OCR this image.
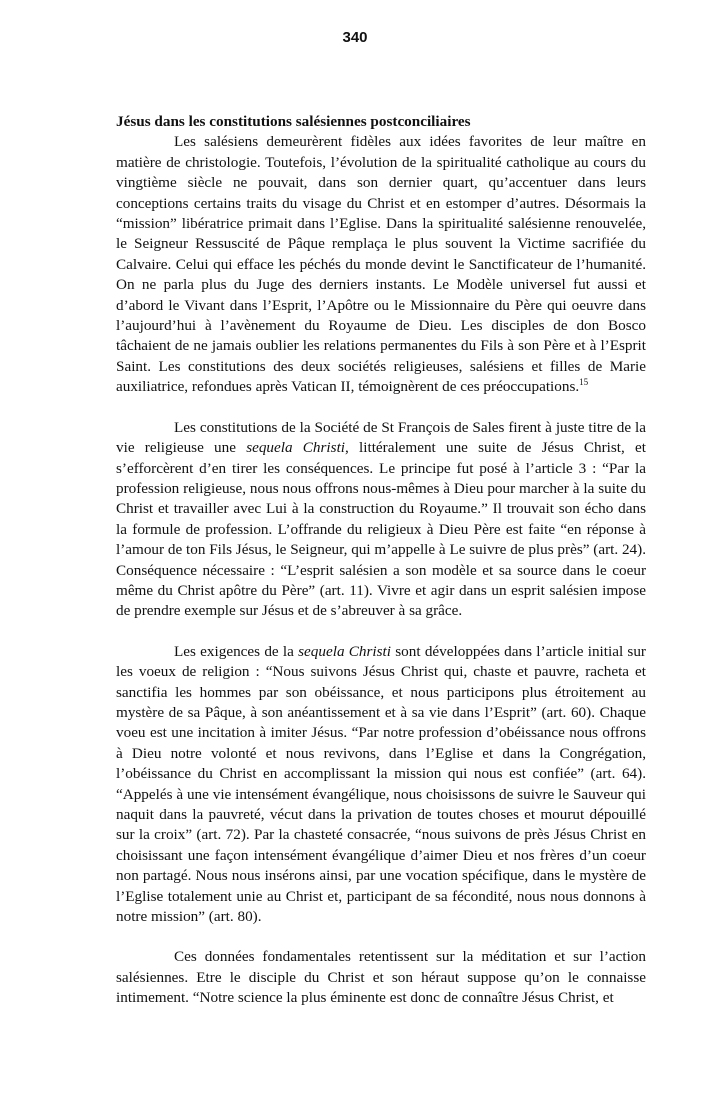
340

Jésus dans les constitutions salésiennes postconciliaires

Les salésiens demeurèrent fidèles aux idées favorites de leur maître en matière de christologie. Toutefois, l’évolution de la spiritualité catholique au cours du vingtième siècle ne pouvait, dans son dernier quart, qu’accentuer dans leurs conceptions certains traits du visage du Christ et en estomper d’autres. Désormais la “mission” libératrice primait dans l’Eglise. Dans la spiritualité salésienne renouvelée, le Seigneur Ressuscité de Pâque remplaça le plus souvent la Victime sacrifiée du Calvaire. Celui qui efface les péchés du monde devint le Sanctificateur de l’humanité. On ne parla plus du Juge des derniers instants. Le Modèle universel fut aussi et d’abord le Vivant dans l’Esprit, l’Apôtre ou le Missionnaire du Père qui oeuvre dans l’aujourd’hui à l’avènement du Royaume de Dieu. Les disciples de don Bosco tâchaient de ne jamais oublier les relations permanentes du Fils à son Père et à l’Esprit Saint. Les constitutions des deux sociétés religieuses, salésiens et filles de Marie auxiliatrice, refondues après Vatican II, témoignèrent de ces préoccupations.$^{15}$

Les constitutions de la Société de St François de Sales firent à juste titre de la vie religieuse une sequela Christi, littéralement une suite de Jésus Christ, et s’efforcèrent d’en tirer les conséquences. Le principe fut posé à l’article 3 : “Par la profession religieuse, nous nous offrons nous-mêmes à Dieu pour marcher à la suite du Christ et travailler avec Lui à la construction du Royaume.” Il trouvait son écho dans la formule de profession. L’offrande du religieux à Dieu Père est faite “en réponse à l’amour de ton Fils Jésus, le Seigneur, qui m’appelle à Le suivre de plus près” (art. 24). Conséquence nécessaire : “L’esprit salésien a son modèle et sa source dans le coeur même du Christ apôtre du Père” (art. 11). Vivre et agir dans un esprit salésien impose de prendre exemple sur Jésus et de s’abreuver à sa grâce.

Les exigences de la sequela Christi sont développées dans l’article initial sur les voeux de religion : “Nous suivons Jésus Christ qui, chaste et pauvre, racheta et sanctifia les hommes par son obéissance, et nous participons plus étroitement au mystère de sa Pâque, à son anéantissement et à sa vie dans l’Esprit” (art. 60). Chaque voeu est une incitation à imiter Jésus. “Par notre profession d’obéissance nous offrons à Dieu notre volonté et nous revivons, dans l’Eglise et dans la Congrégation, l’obéissance du Christ en accomplissant la mission qui nous est confiée” (art. 64). “Appelés à une vie intensément évangélique, nous choisissons de suivre le Sauveur qui naquit dans la pauvreté, vécut dans la privation de toutes choses et mourut dépouillé sur la croix” (art. 72). Par la chasteté consacrée, “nous suivons de près Jésus Christ en choisissant une façon intensément évangélique d’aimer Dieu et nos frères d’un coeur non partagé. Nous nous insérons ainsi, par une vocation spécifique, dans le mystère de l’Eglise totalement unie au Christ et, participant de sa fécondité, nous nous donnons à notre mission” (art. 80).

Ces données fondamentales retentissent sur la méditation et sur l’action salésiennes. Etre le disciple du Christ et son héraut suppose qu’on le connaisse intimement. “Notre science la plus éminente est donc de connaître Jésus Christ, et
